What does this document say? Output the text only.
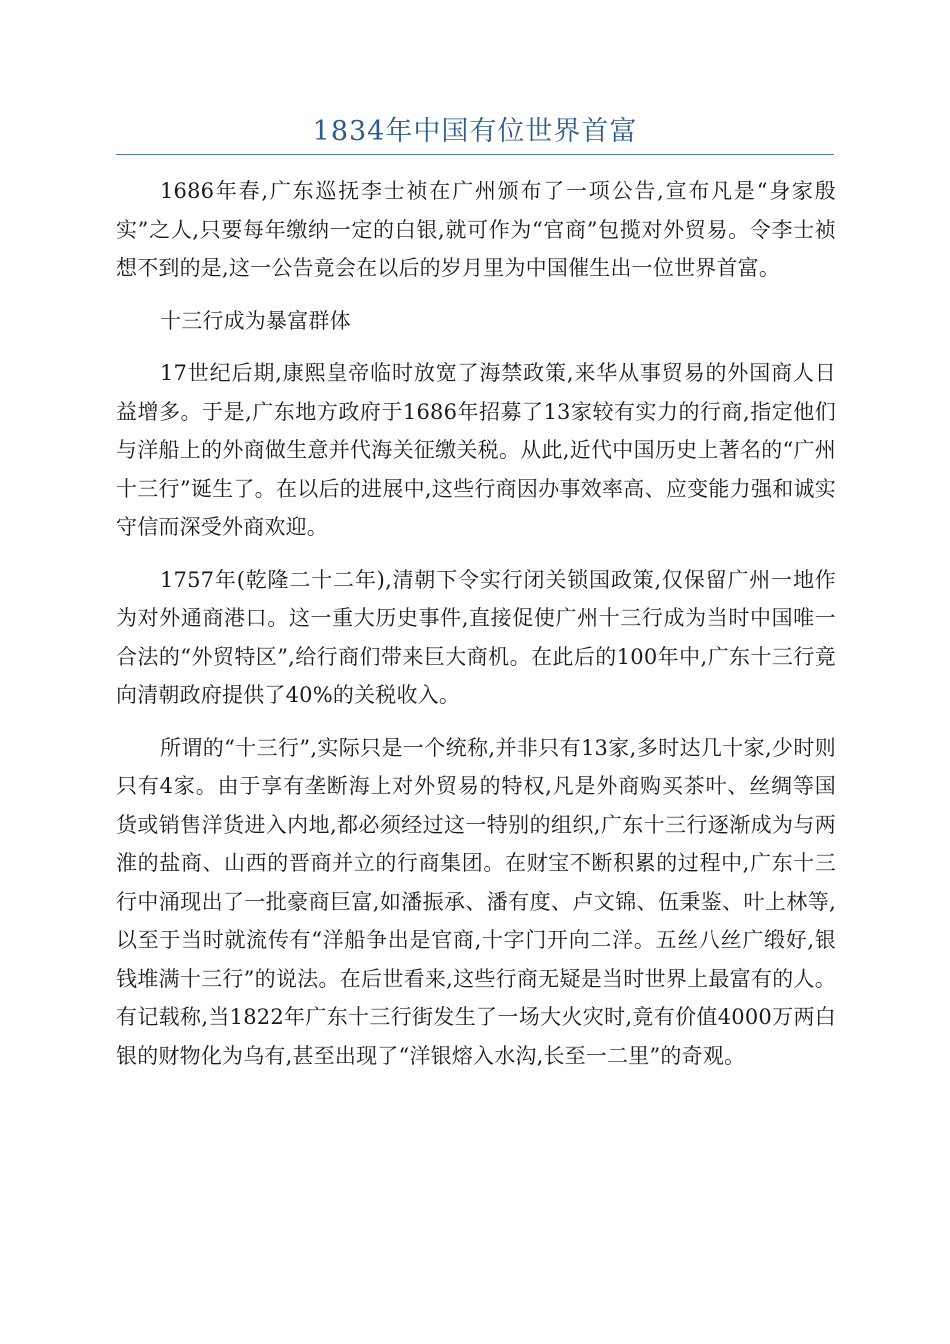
1834年中国有位世界首富

1686年春,广东巡抚李士祯在广州颁布了一项公告,宣布凡是“身家殷实”之人,只要每年缴纳一定的白银,就可作为“官商”包揽对外贸易。令李士祯想不到的是,这一公告竟会在以后的岁月里为中国催生出一位世界首富。

十三行成为暴富群体

17世纪后期,康熙皇帝临时放宽了海禁政策,来华从事贸易的外国商人日益增多。于是,广东地方政府于1686年招募了13家较有实力的行商,指定他们与洋船上的外商做生意并代海关征缴关税。从此,近代中国历史上著名的“广州十三行”诞生了。在以后的进展中,这些行商因办事效率高、应变能力强和诚实守信而深受外商欢迎。

1757年(乾隆二十二年),清朝下令实行闭关锁国政策,仅保留广州一地作为对外通商港口。这一重大历史事件,直接促使广州十三行成为当时中国唯一合法的“外贸特区”,给行商们带来巨大商机。在此后的100年中,广东十三行竟向清朝政府提供了40%的关税收入。

所谓的“十三行”,实际只是一个统称,并非只有13家,多时达几十家,少时则只有4家。由于享有垄断海上对外贸易的特权,凡是外商购买茶叶、丝绸等国货或销售洋货进入内地,都必须经过这一特别的组织,广东十三行逐渐成为与两淮的盐商、山西的晋商并立的行商集团。在财宝不断积累的过程中,广东十三行中涌现出了一批豪商巨富,如潘振承、潘有度、卢文锦、伍秉鉴、叶上林等,以至于当时就流传有“洋船争出是官商,十字门开向二洋。五丝八丝广缎好,银钱堆满十三行”的说法。在后世看来,这些行商无疑是当时世界上最富有的人。有记载称,当1822年广东十三行街发生了一场大火灾时,竟有价值4000万两白银的财物化为乌有,甚至出现了“洋银熔入水沟,长至一二里”的奇观。
